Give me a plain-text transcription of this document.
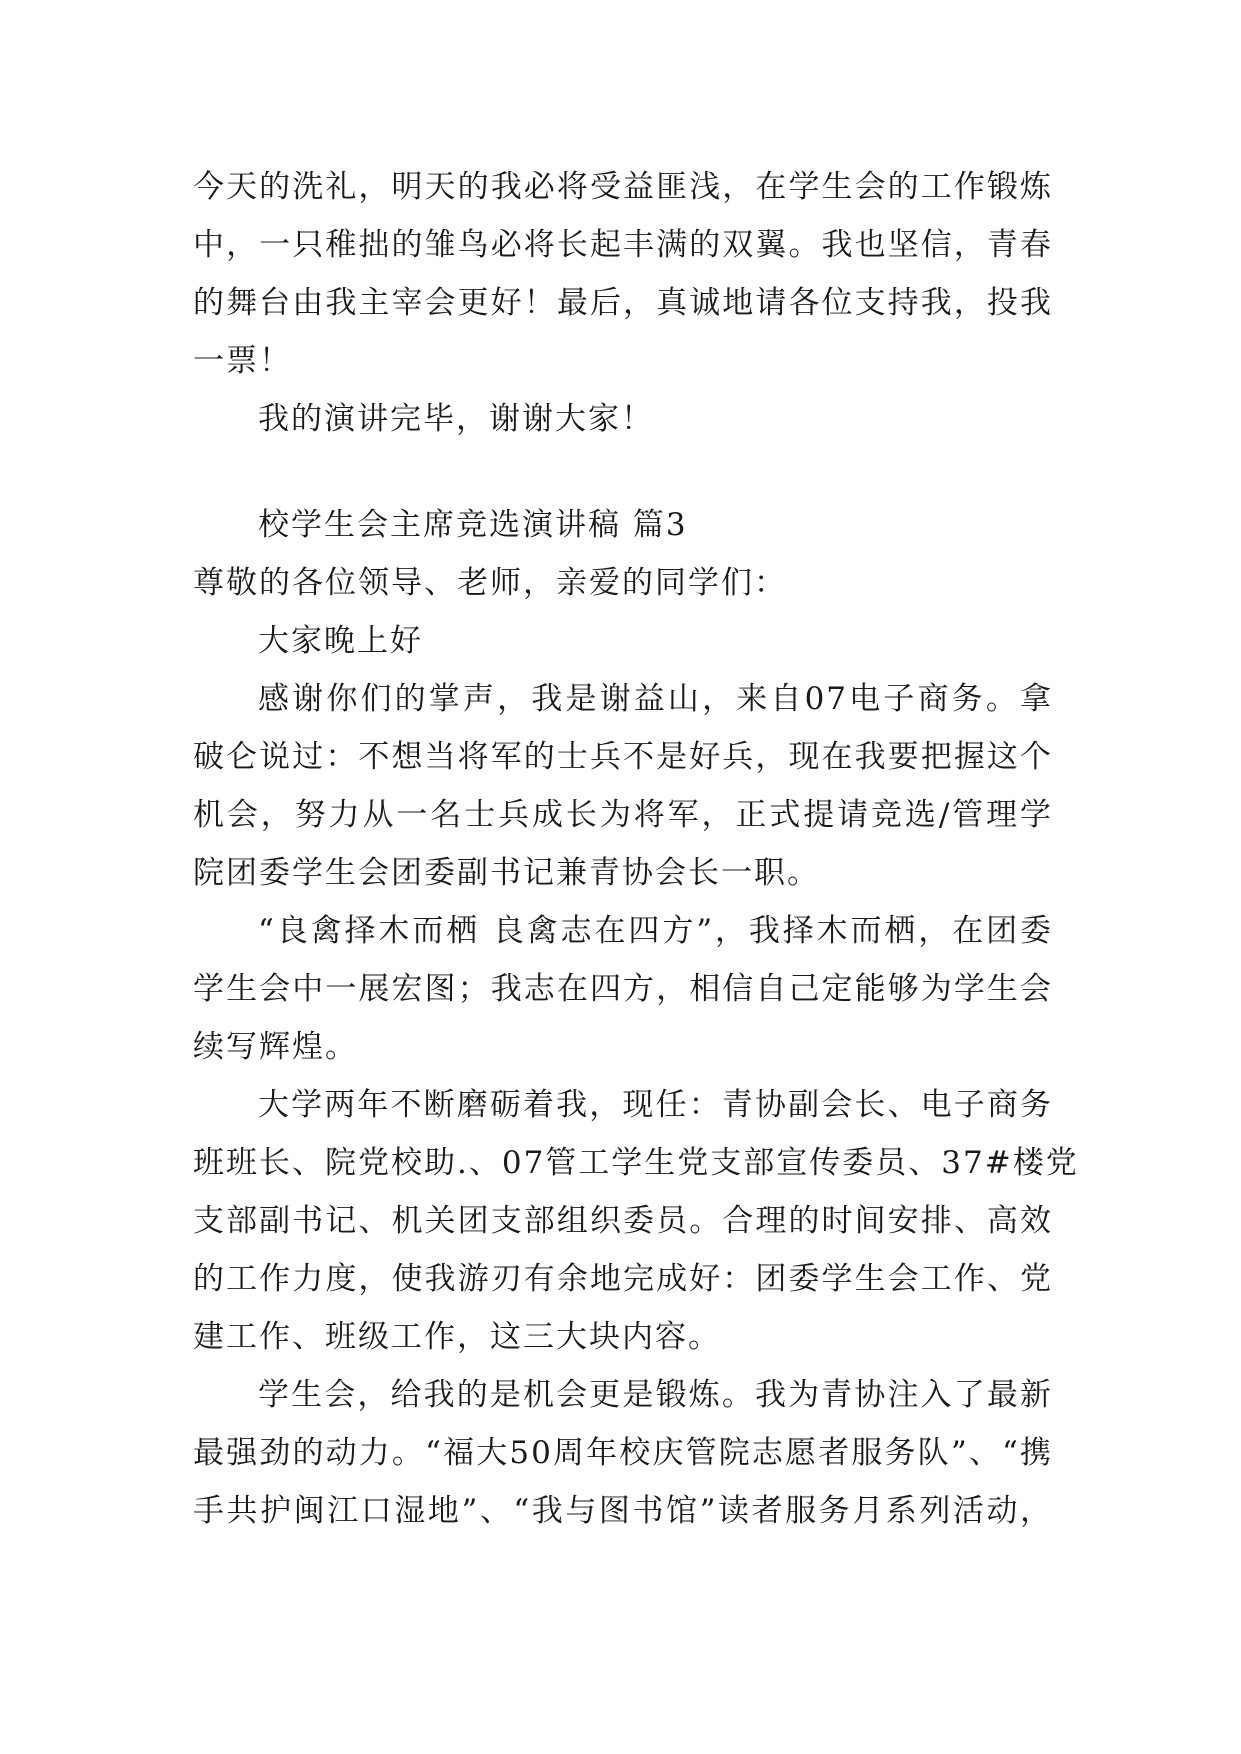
今天的洗礼，明天的我必将受益匪浅，在学生会的工作锻炼
中，一只稚拙的雏鸟必将长起丰满的双翼。我也坚信，青春
的舞台由我主宰会更好！最后，真诚地请各位支持我，投我
一票！
我的演讲完毕，谢谢大家！
校学生会主席竞选演讲稿 篇3
尊敬的各位领导、老师，亲爱的同学们：
大家晚上好
感谢你们的掌声，我是谢益山，来自07电子商务。拿
破仑说过：不想当将军的士兵不是好兵，现在我要把握这个
机会，努力从一名士兵成长为将军，正式提请竞选/管理学
院团委学生会团委副书记兼青协会长一职。
“良禽择木而栖 良禽志在四方”，我择木而栖，在团委
学生会中一展宏图；我志在四方，相信自己定能够为学生会
续写辉煌。
大学两年不断磨砺着我，现任：青协副会长、电子商务
班班长、院党校助.、07管工学生党支部宣传委员、37#楼党
支部副书记、机关团支部组织委员。合理的时间安排、高效
的工作力度，使我游刃有余地完成好：团委学生会工作、党
建工作、班级工作，这三大块内容。
学生会，给我的是机会更是锻炼。我为青协注入了最新
最强劲的动力。“福大50周年校庆管院志愿者服务队”、“携
手共护闽江口湿地”、“我与图书馆”读者服务月系列活动，
